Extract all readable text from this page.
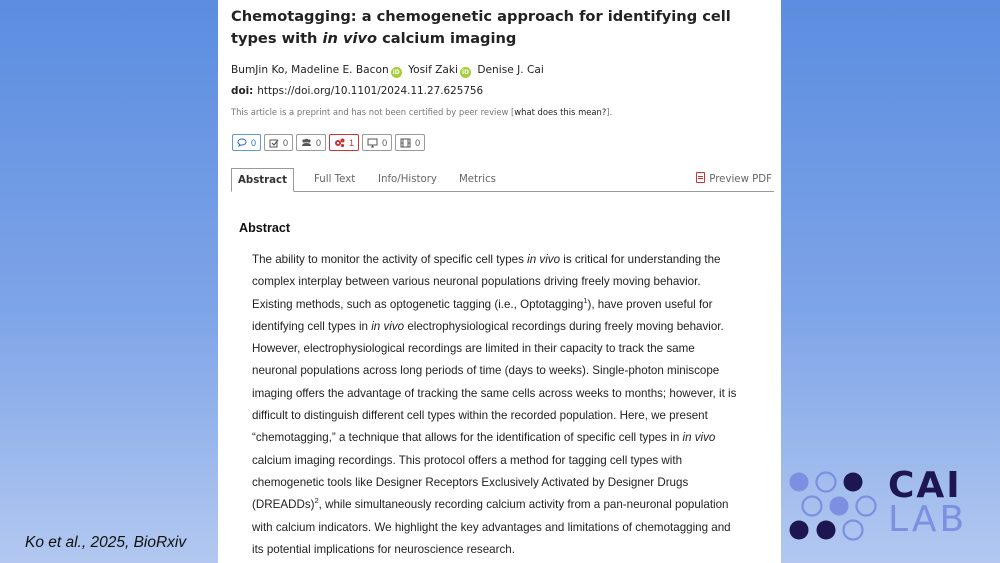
Chemotagging: a chemogenetic approach for identifying cell types with in vivo calcium imaging
BumJin Ko, Madeline E. Bacon iD Yosif Zaki iD Denise J. Cai
doi: https://doi.org/10.1101/2024.11.27.625756
This article is a preprint and has not been certified by peer review [what does this mean?].
0	0	0	1	0	0
Abstract	Full Text Info/History Metrics	Preview PDF
Abstract

The ability to monitor the activity of specific cell types in vivo is critical for understanding the
complex interplay between various neuronal populations driving freely moving behavior.
Existing methods, such as optogenetic tagging (i.e., Optotagging$^1$), have proven useful for
identifying cell types in in vivo electrophysiological recordings during freely moving behavior.
However, electrophysiological recordings are limited in their capacity to track the same
neuronal populations across long periods of time (days to weeks). Single-photon miniscope
imaging offers the advantage of tracking the same cells across weeks to months; however, it is
difficult to distinguish different cell types within the recorded population. Here, we present
“chemotagging,” a technique that allows for the identification of specific cell types in in vivo
calcium imaging recordings. This protocol offers a method for tagging cell types with
chemogenetic tools like Designer Receptors Exclusively Activated by Designer Drugs
(DREADDs)$^2$, while simultaneously recording calcium activity from a pan-neuronal population
with calcium indicators. We highlight the key advantages and limitations of chemotagging and
its potential implications for neuroscience research.

Ko et al., 2025, BioRxiv
CAI
LAB
